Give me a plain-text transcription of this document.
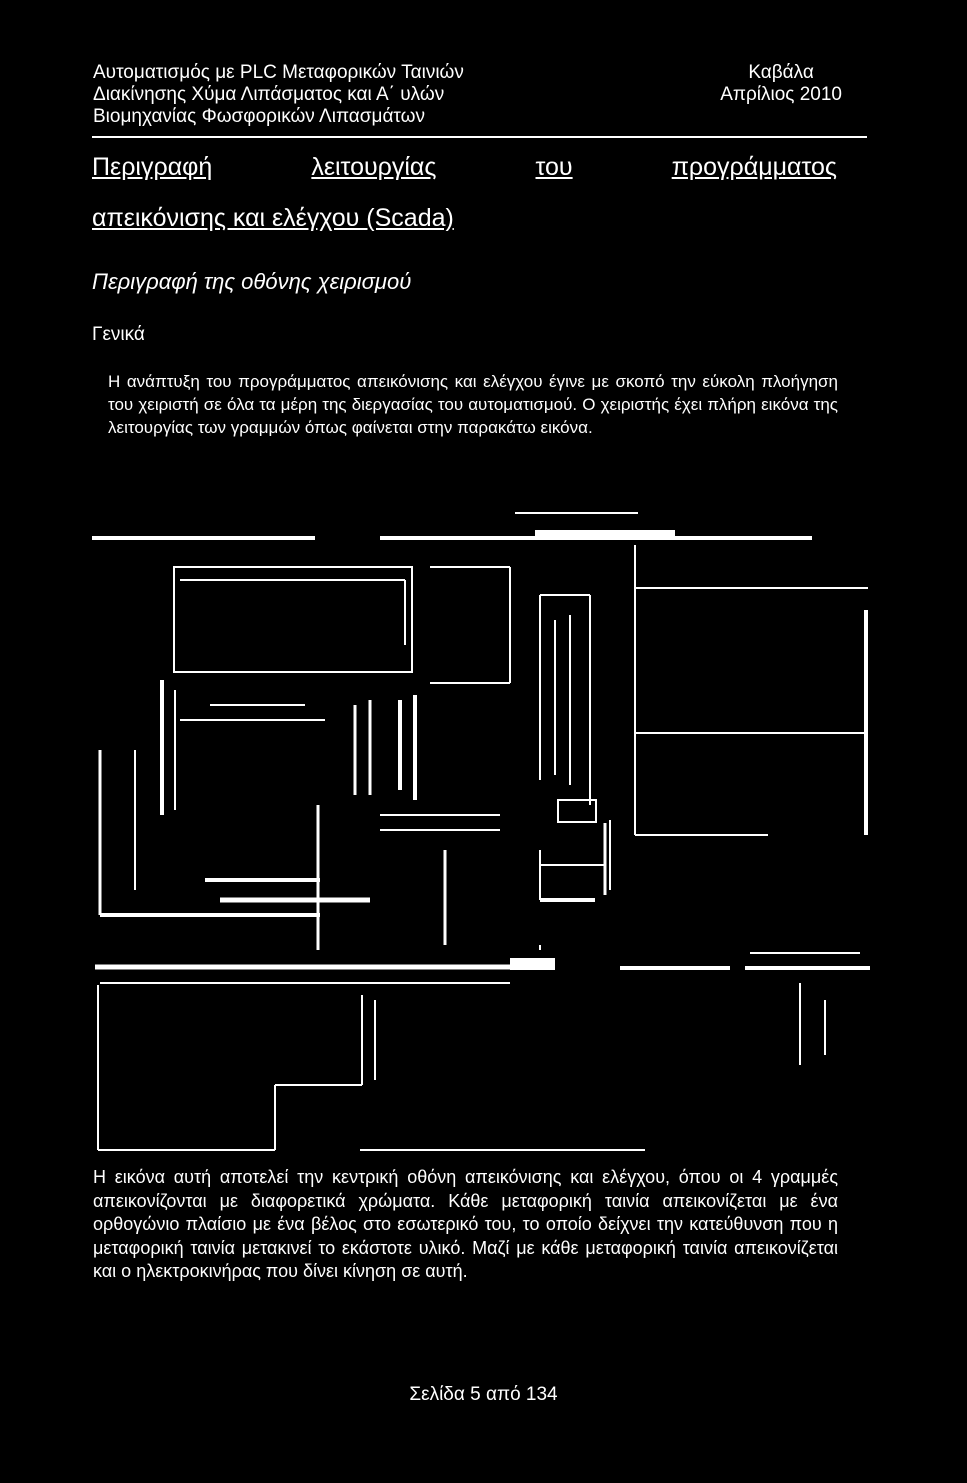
Αυτοματισμός με PLC Μεταφορικών Ταινιών
Διακίνησης Χύμα Λιπάσματος και Α΄ υλών
Βιομηχανίας Φωσφορικών Λιπασμάτων
Καβάλα
Απρίλιος 2010
Περιγραφή	λειτουργίας	του	προγράμματος
απεικόνισης και ελέγχου (Scada)
Περιγραφή της οθόνης χειρισμού
Γενικά
Η ανάπτυξη του προγράμματος απεικόνισης και ελέγχου έγινε με σκοπό την εύκολη πλοήγηση του χειριστή σε όλα τα μέρη της διεργασίας του αυτοματισμού. Ο χειριστής έχει πλήρη εικόνα της λειτουργίας των γραμμών όπως φαίνεται στην παρακάτω εικόνα.
Η εικόνα αυτή αποτελεί την κεντρική οθόνη απεικόνισης και ελέγχου, όπου οι 4 γραμμές απεικονίζονται με διαφορετικά χρώματα. Κάθε μεταφορική ταινία απεικονίζεται με ένα ορθογώνιο πλαίσιο με ένα βέλος στο εσωτερικό του, το οποίο δείχνει την κατεύθυνση που η μεταφορική ταινία μετακινεί το εκάστοτε υλικό. Μαζί με κάθε μεταφορική ταινία απεικονίζεται και ο ηλεκτροκινήρας που δίνει κίνηση σε αυτή.
Σελίδα 5 από 134
